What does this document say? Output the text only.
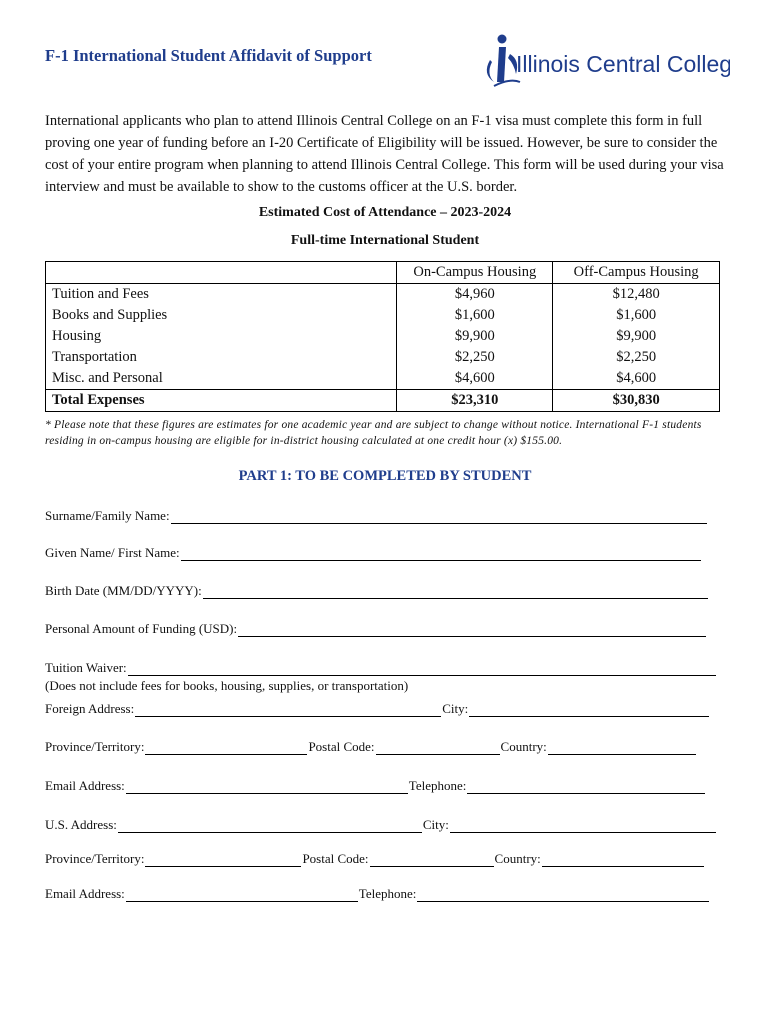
F-1 International Student Affidavit of Support	Illinois Central College

International applicants who plan to attend Illinois Central College on an F-1 visa must complete this form in full proving one year of funding before an I-20 Certificate of Eligibility will be issued. However, be sure to consider the cost of your entire program when planning to attend Illinois Central College. This form will be used during your visa interview and must be available to show to the customs officer at the U.S. border.

Estimated Cost of Attendance – 2023-2024
Full-time International Student
	On-Campus Housing	Off-Campus Housing
Tuition and Fees	$4,960	$12,480
Books and Supplies	$1,600	$1,600
Housing	$9,900	$9,900
Transportation	$2,250	$2,250
Misc. and Personal	$4,600	$4,600
Total Expenses	$23,310	$30,830
* Please note that these figures are estimates for one academic year and are subject to change without notice. International F-1 students residing in on-campus housing are eligible for in-district housing calculated at one credit hour (x) $155.00.
PART 1: TO BE COMPLETED BY STUDENT
Surname/Family Name:
Given Name/ First Name:
Birth Date (MM/DD/YYYY):
Personal Amount of Funding (USD):
Tuition Waiver:
(Does not include fees for books, housing, supplies, or transportation)
Foreign Address:	City:
Province/Territory:	Postal Code:	Country:
Email Address:	Telephone:
U.S. Address:	City:
Province/Territory:	Postal Code:	Country:
Email Address:	Telephone:
